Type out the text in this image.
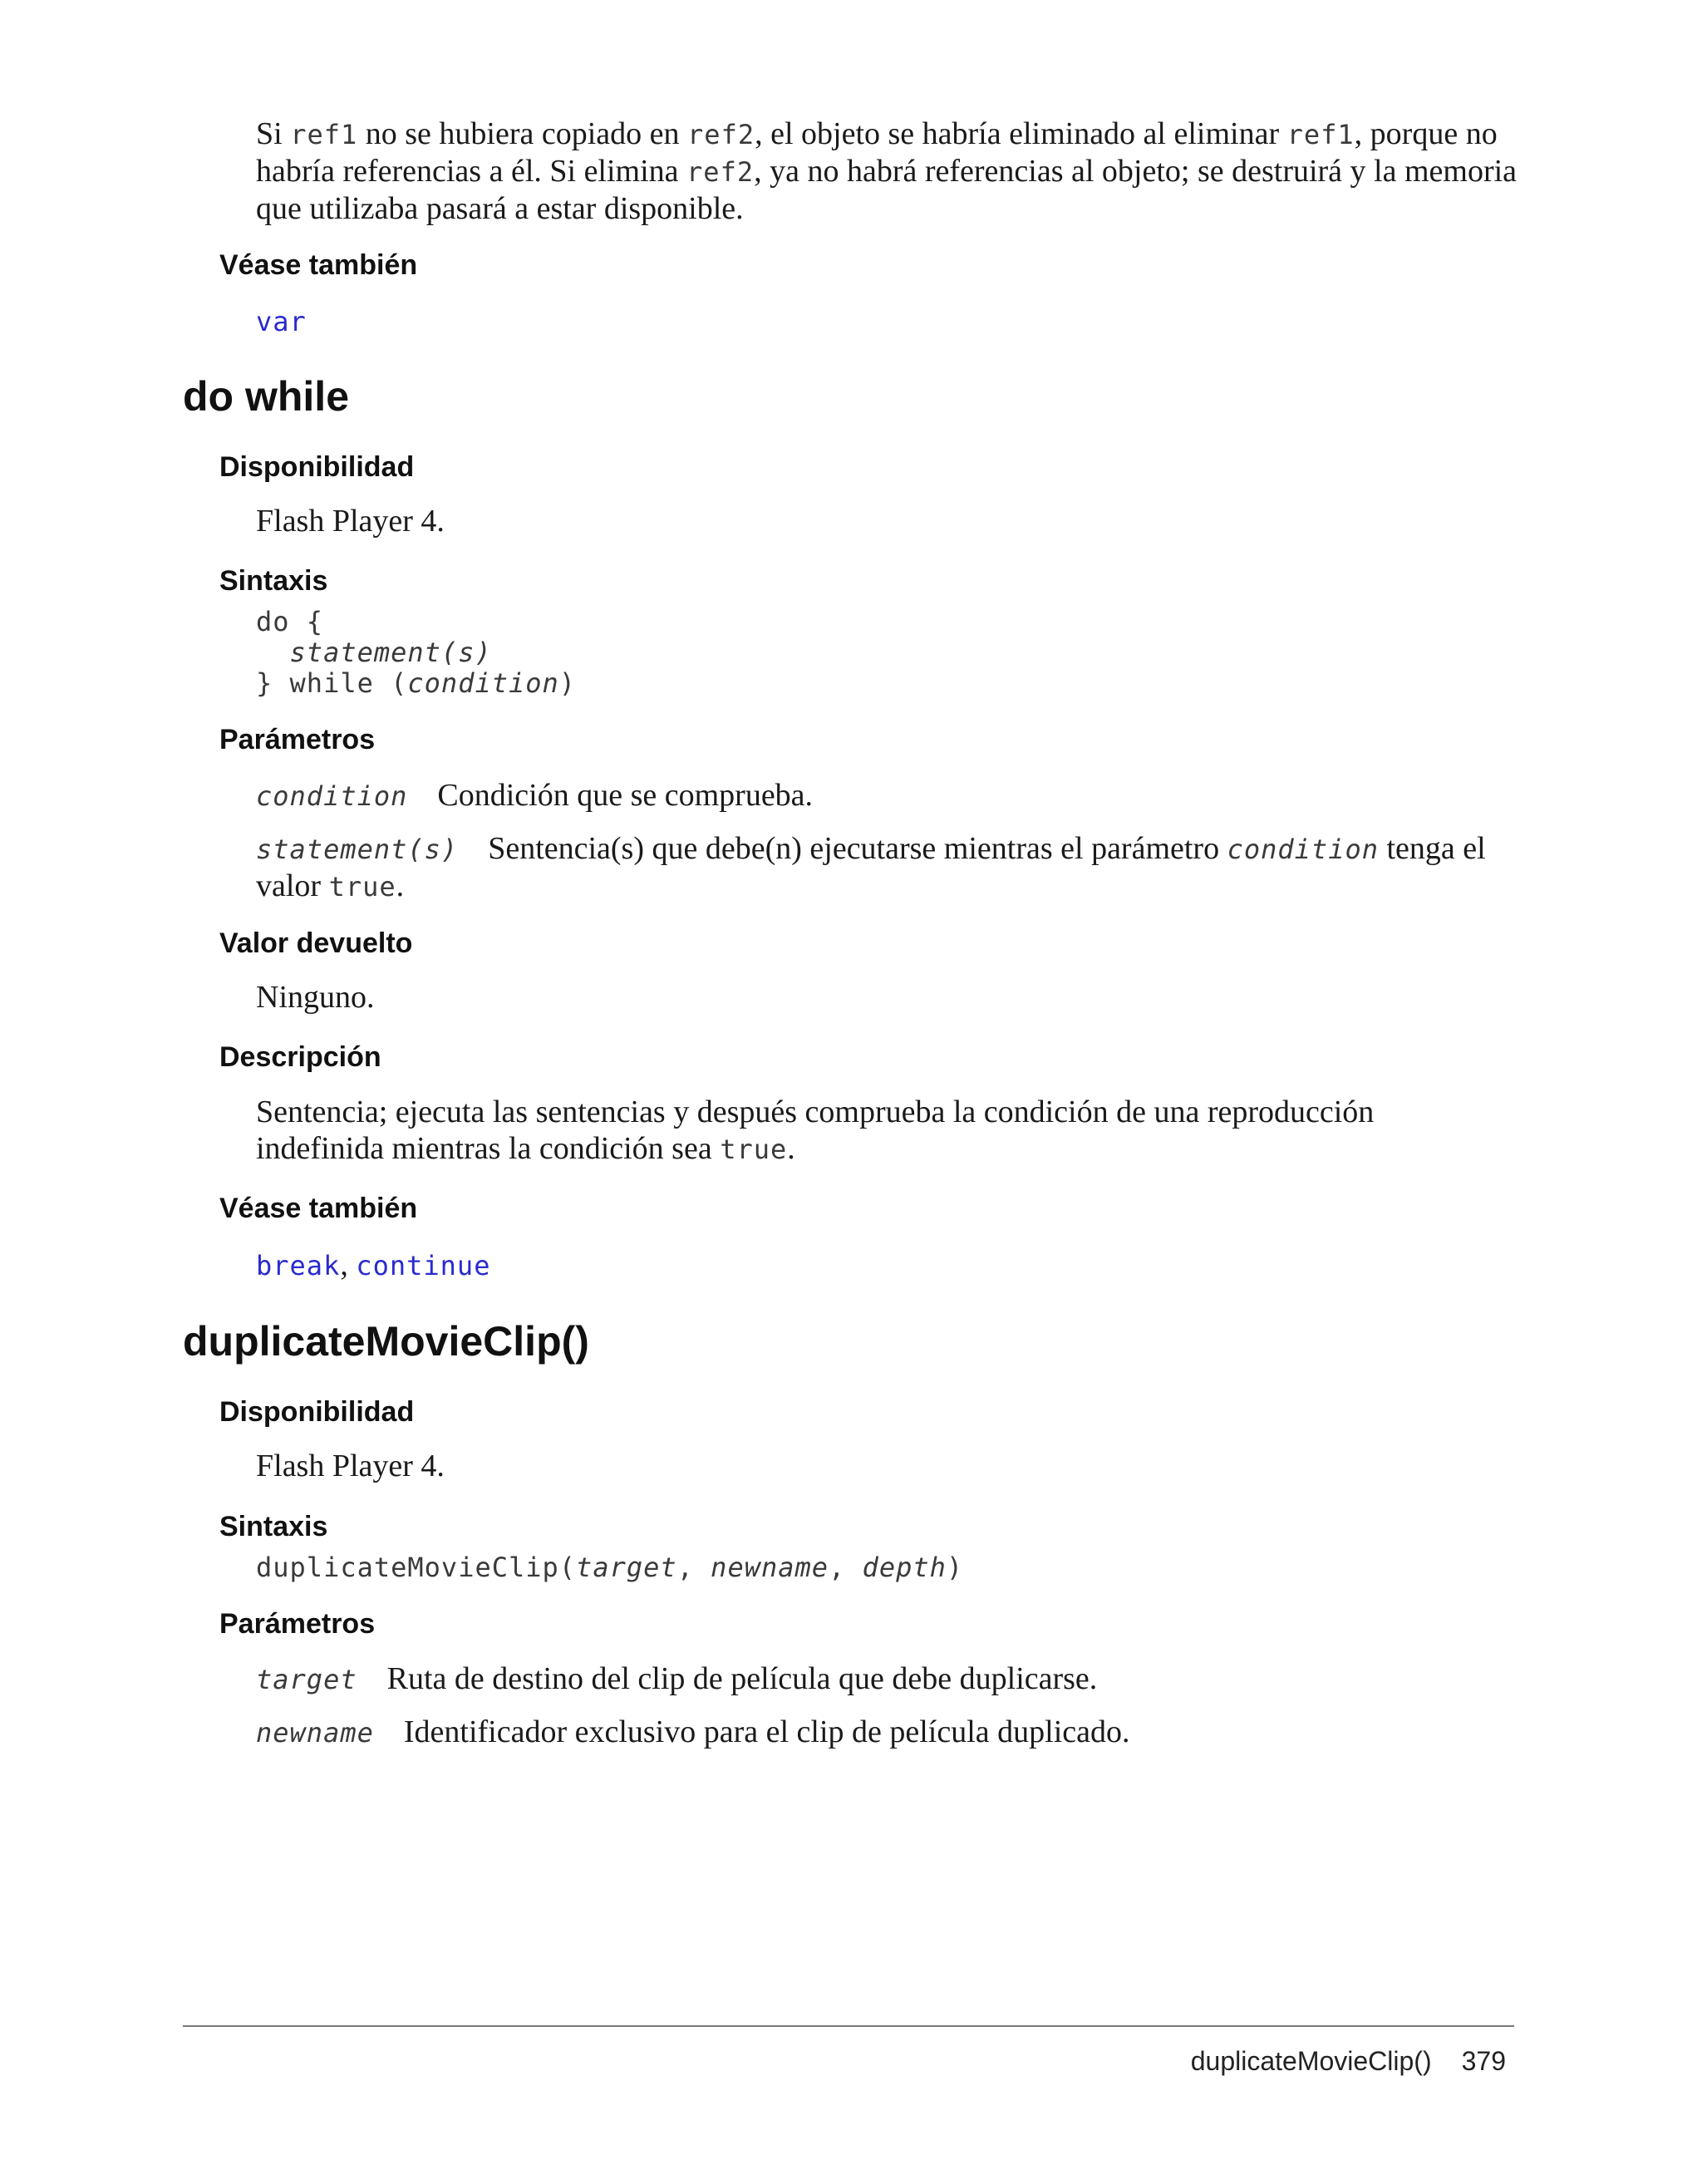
Si ref1 no se hubiera copiado en ref2, el objeto se habría eliminado al eliminar ref1, porque no habría referencias a él. Si elimina ref2, ya no habrá referencias al objeto; se destruirá y la memoria que utilizaba pasará a estar disponible.
Véase también
var
do while
Disponibilidad
Flash Player 4.
Sintaxis
do {
statement(s)
} while (condition)
Parámetros
condition Condición que se comprueba.
statement(s) Sentencia(s) que debe(n) ejecutarse mientras el parámetro condition tenga el valor true.
Valor devuelto
Ninguno.
Descripción
Sentencia; ejecuta las sentencias y después comprueba la condición de una reproducción indefinida mientras la condición sea true.
Véase también
break, continue
duplicateMovieClip()
Disponibilidad
Flash Player 4.
Sintaxis
duplicateMovieClip(target, newname, depth)
Parámetros
target Ruta de destino del clip de película que debe duplicarse.
newname Identificador exclusivo para el clip de película duplicado.
duplicateMovieClip() 379
